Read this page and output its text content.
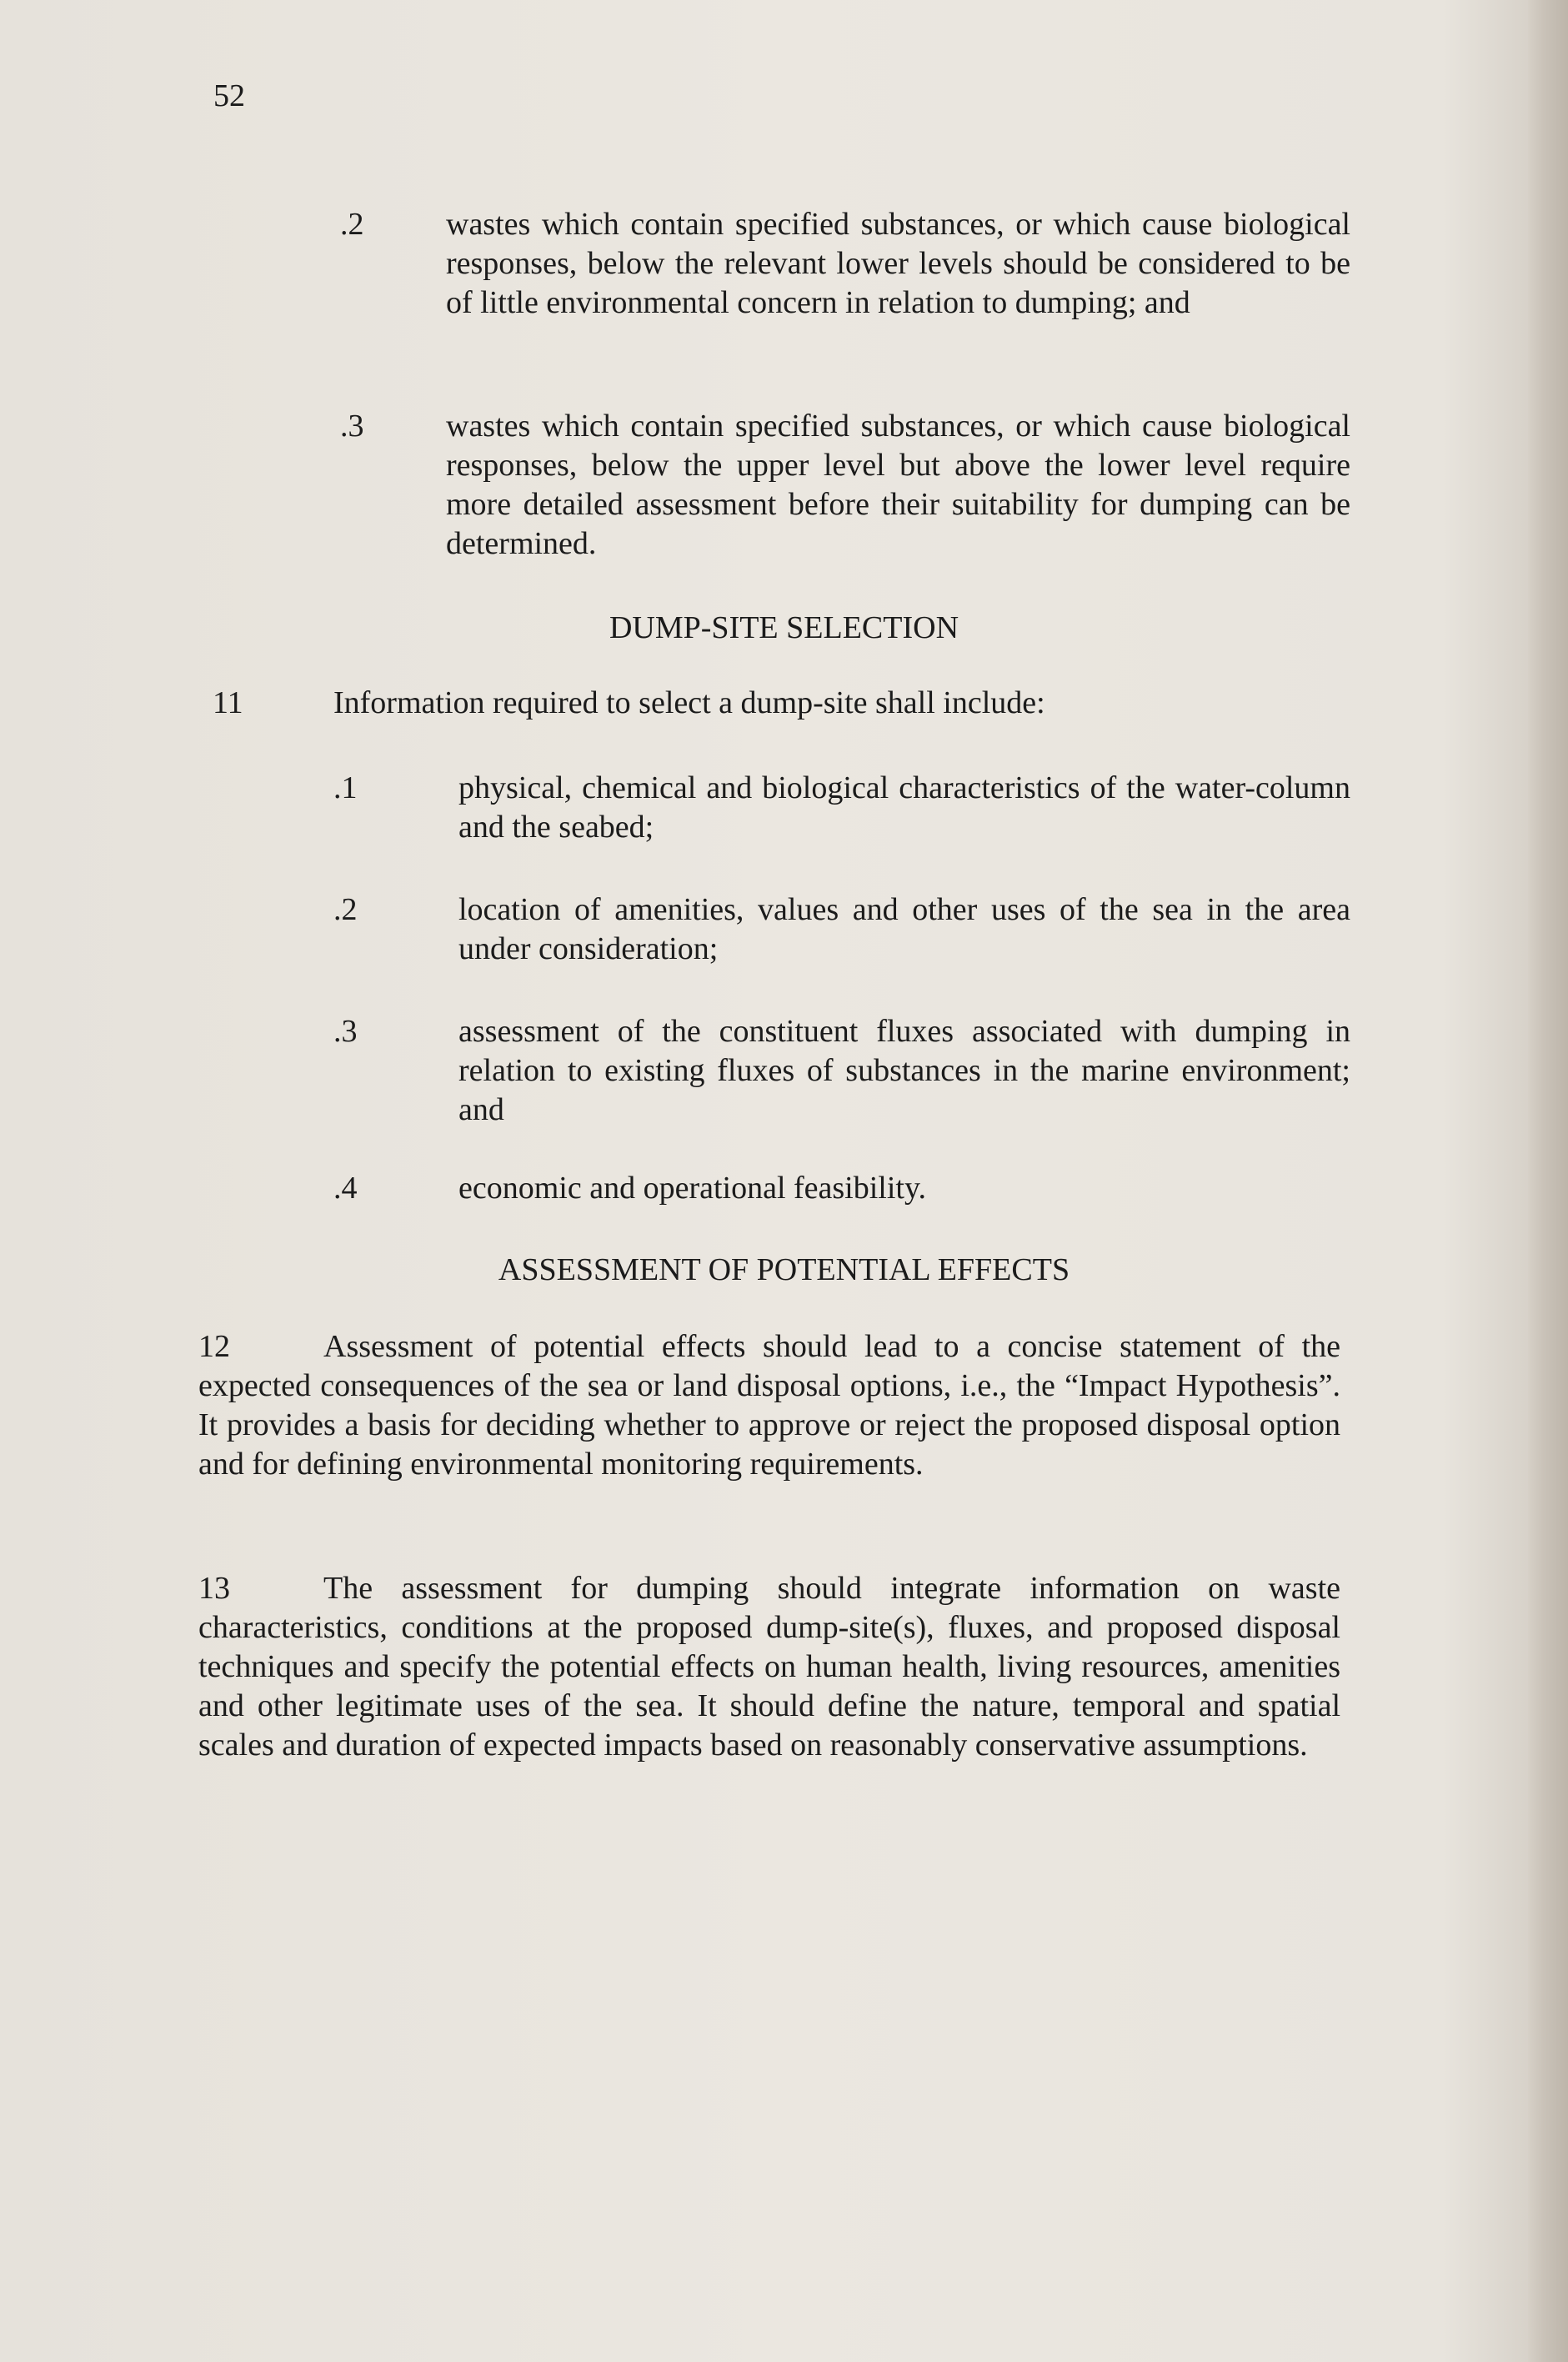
52
.2	wastes which contain specified substances, or which cause biological responses, below the relevant lower levels should be considered to be of little environmental concern in relation to dumping; and
.3	wastes which contain specified substances, or which cause biological responses, below the upper level but above the lower level require more detailed assessment before their suitability for dumping can be determined.
DUMP-SITE SELECTION
11	Information required to select a dump-site shall include:
.1	physical, chemical and biological characteristics of the water-column and the seabed;
.2	location of amenities, values and other uses of the sea in the area under consideration;
.3	assessment of the constituent fluxes associated with dumping in relation to existing fluxes of substances in the marine environment; and
.4	economic and operational feasibility.
ASSESSMENT OF POTENTIAL EFFECTS
12	Assessment of potential effects should lead to a concise statement of the expected consequences of the sea or land disposal options, i.e., the “Impact Hypothesis”. It provides a basis for deciding whether to approve or reject the proposed disposal option and for defining environmental monitoring requirements.
13	The assessment for dumping should integrate information on waste characteristics, conditions at the proposed dump-site(s), fluxes, and proposed disposal techniques and specify the potential effects on human health, living resources, amenities and other legitimate uses of the sea. It should define the nature, temporal and spatial scales and duration of expected impacts based on reasonably conservative assumptions.
